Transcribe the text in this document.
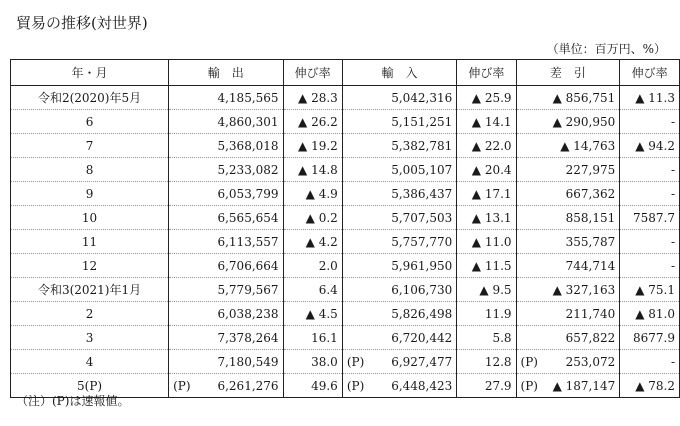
貿易の推移(対世界)
（単位：百万円、%）
年・月	輸　出	伸び率	輸　入	伸び率	差　引	伸び率
令和2(2020)年5月	4,185,565	▲ 28.3	5,042,316	▲ 25.9	▲ 856,751	▲ 11.3
6	4,860,301	▲ 26.2	5,151,251	▲ 14.1	▲ 290,950	-
7	5,368,018	▲ 19.2	5,382,781	▲ 22.0	▲ 14,763	▲ 94.2
8	5,233,082	▲ 14.8	5,005,107	▲ 20.4	227,975	-
9	6,053,799	▲ 4.9	5,386,437	▲ 17.1	667,362	-
10	6,565,654	▲ 0.2	5,707,503	▲ 13.1	858,151	7587.7
11	6,113,557	▲ 4.2	5,757,770	▲ 11.0	355,787	-
12	6,706,664	2.0	5,961,950	▲ 11.5	744,714	-
令和3(2021)年1月	5,779,567	6.4	6,106,730	▲ 9.5	▲ 327,163	▲ 75.1
2	6,038,238	▲ 4.5	5,826,498	11.9	211,740	▲ 81.0
3	7,378,264	16.1	6,720,442	5.8	657,822	8677.9
4	7,180,549	38.0	(P) 6,927,477	12.8	(P) 253,072	-
5(P)	(P) 6,261,276	49.6	(P) 6,448,423	27.9	(P) ▲ 187,147	▲ 78.2
（注）(P)は速報値。
